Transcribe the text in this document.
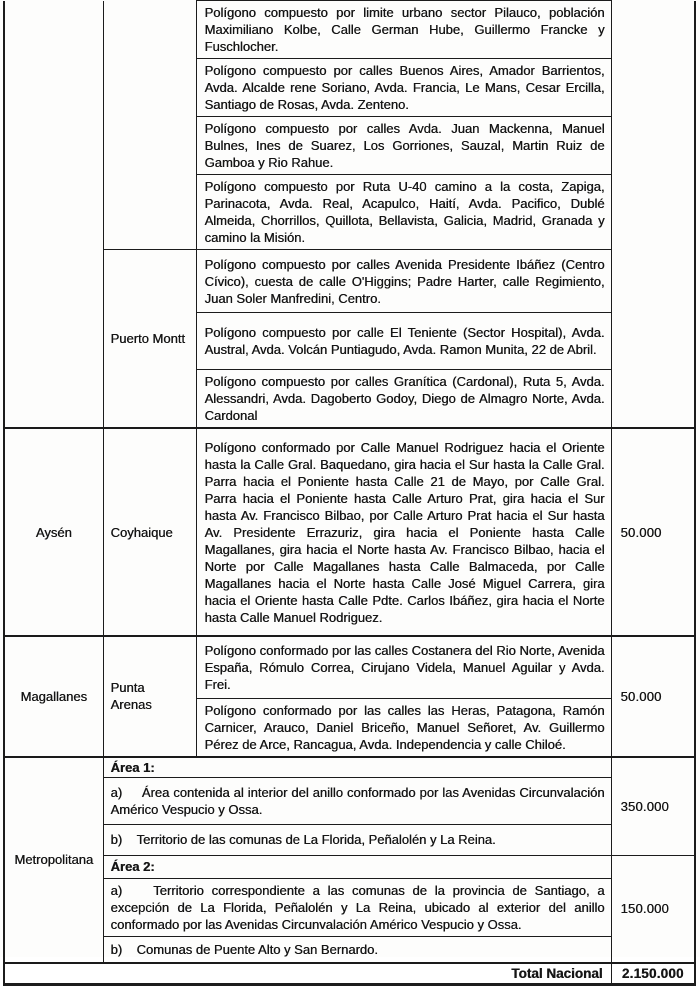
		Polígono compuesto por limite urbano sector Pilauco, población Maximiliano Kolbe, Calle German Hube, Guillermo Francke y Fuschlocher.	
		Polígono compuesto por calles Buenos Aires, Amador Barrientos, Avda. Alcalde rene Soriano, Avda. Francia, Le Mans, Cesar Ercilla, Santiago de Rosas, Avda. Zenteno.	
		Polígono compuesto por calles Avda. Juan Mackenna, Manuel Bulnes, Ines de Suarez, Los Gorriones, Sauzal, Martin Ruiz de Gamboa y Rio Rahue.	
		Polígono compuesto por Ruta U-40 camino a la costa, Zapiga, Parinacota, Avda. Real, Acapulco, Haití, Avda. Pacifico, Dublé Almeida, Chorrillos, Quillota, Bellavista, Galicia, Madrid, Granada y camino la Misión.	
	Puerto Montt	Polígono compuesto por calles Avenida Presidente Ibáñez (Centro Cívico), cuesta de calle O'Higgins; Padre Harter, calle Regimiento, Juan Soler Manfredini, Centro.	
		Polígono compuesto por calle El Teniente (Sector Hospital), Avda. Austral, Avda. Volcán Puntiagudo, Avda. Ramon Munita, 22 de Abril.	
		Polígono compuesto por calles Granítica (Cardonal), Ruta 5, Avda. Alessandri, Avda. Dagoberto Godoy, Diego de Almagro Norte, Avda. Cardonal	
Aysén	Coyhaique	Polígono conformado por Calle Manuel Rodriguez hacia el Oriente hasta la Calle Gral. Baquedano, gira hacia el Sur hasta la Calle Gral. Parra hacia el Poniente hasta Calle 21 de Mayo, por Calle Gral. Parra hacia el Poniente hasta Calle Arturo Prat, gira hacia el Sur hasta Av. Francisco Bilbao, por Calle Arturo Prat hacia el Sur hasta Av. Presidente Errazuriz, gira hacia el Poniente hasta Calle Magallanes, gira hacia el Norte hasta Av. Francisco Bilbao, hacia el Norte por Calle Magallanes hasta Calle Balmaceda, por Calle Magallanes hacia el Norte hasta Calle José Miguel Carrera, gira hacia el Oriente hasta Calle Pdte. Carlos Ibáñez, gira hacia el Norte hasta Calle Manuel Rodriguez.	50.000
Magallanes	Punta Arenas	Polígono conformado por las calles Costanera del Rio Norte, Avenida España, Rómulo Correa, Cirujano Videla, Manuel Aguilar y Avda. Frei.	50.000
		Polígono conformado por las calles las Heras, Patagona, Ramón Carnicer, Arauco, Daniel Briceño, Manuel Señoret, Av. Guillermo Pérez de Arce, Rancagua, Avda. Independencia y calle Chiloé.	
Metropolitana	Área 1:		350.000
	a)     Área contenida al interior del anillo conformado por las Avenidas Circunvalación Américo Vespucio y Ossa.		
	b)    Territorio de las comunas de La Florida, Peñalolén y La Reina.		
	Área 2:		150.000
	a)    Territorio correspondiente a las comunas de la provincia de Santiago, a excepción de La Florida, Peñalolén y La Reina, ubicado al exterior del anillo conformado por las Avenidas Circunvalación Américo Vespucio y Ossa.		
	b)    Comunas de Puente Alto y San Bernardo.		
Total Nacional			2.150.000
